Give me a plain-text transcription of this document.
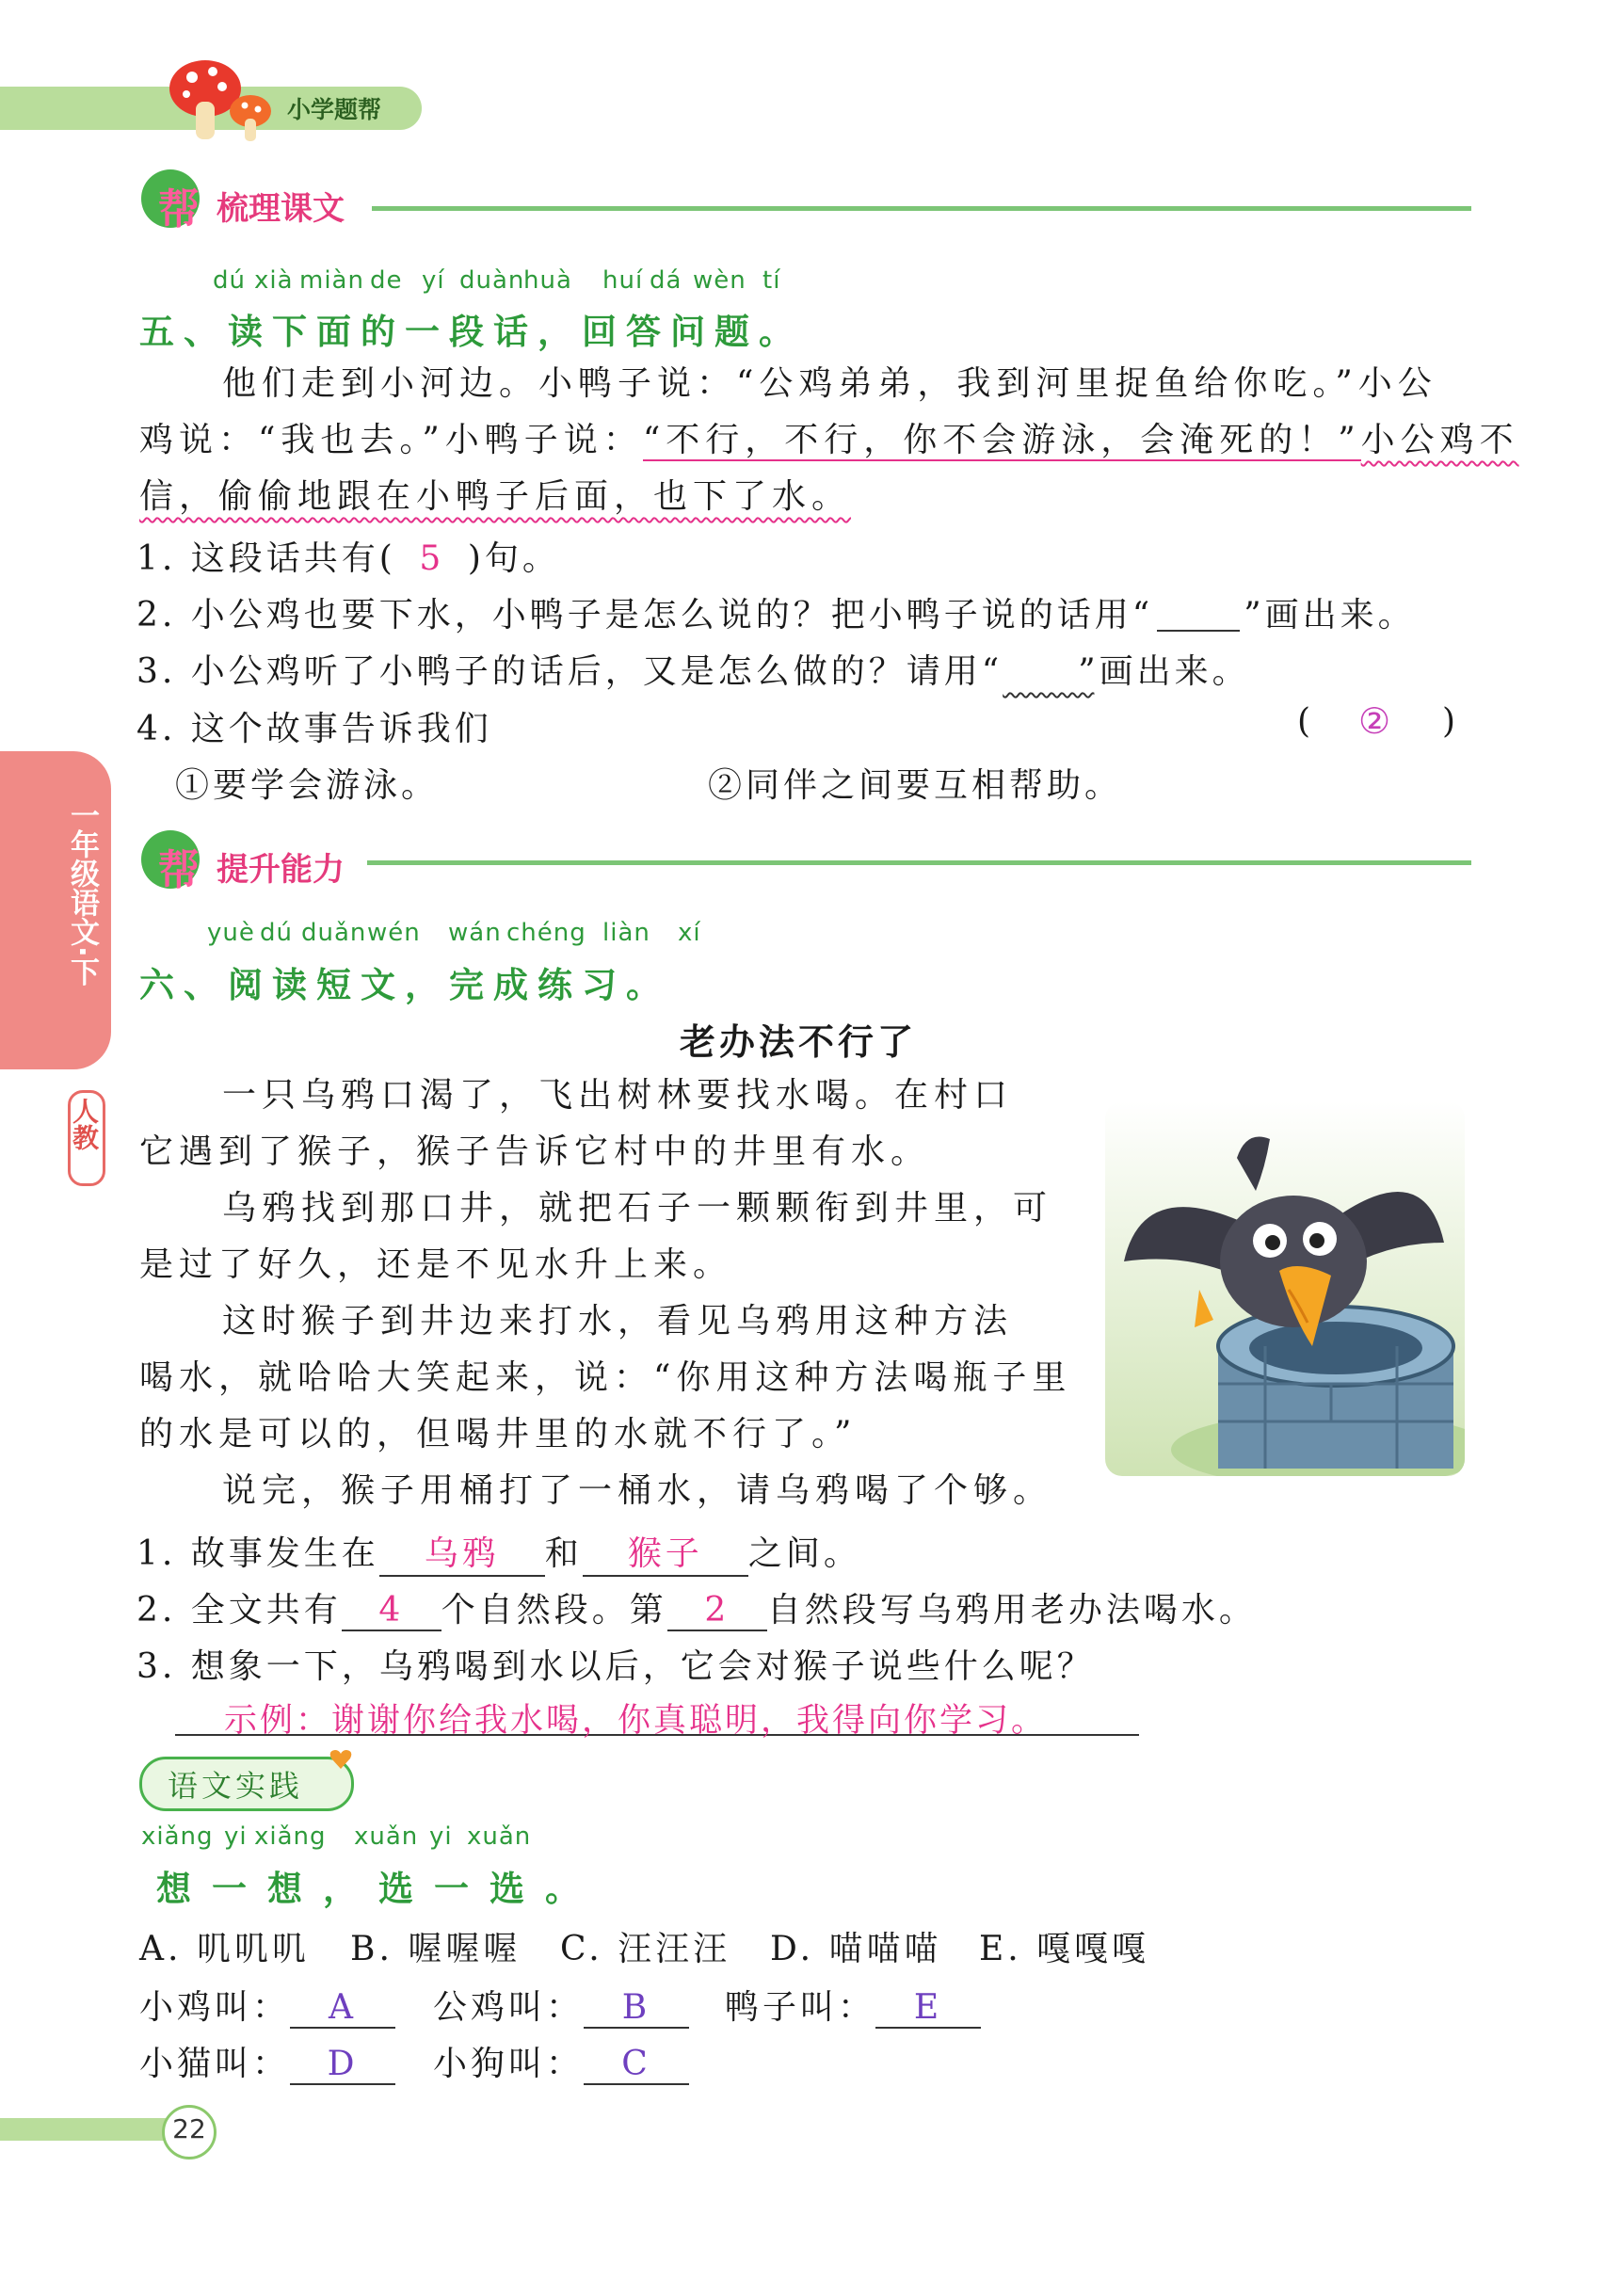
小学题帮
帮 梳理课文
dú xià miàn de yí duàn
huà huí dá wèn tí
五、读下面的一段话，回答问题。
他们走到小河边。小鸭子说：“公鸡弟弟，我到河里捉鱼给你吃。”小公
鸡说：“我也去。”小鸭子说：“不行，不行，你不会游泳，会淹死的！”小公鸡不
信，偷偷地跟在小鸭子后面，也下了水。
1. 这段话共有( 5 )句。
2. 小公鸡也要下水，小鸭子是怎么说的？把小鸭子说的话用“	”画出来。
3. 小公鸡听了小鸭子的话后，又是怎么做的？请用“ ”画出来。
4. 这个故事告诉我们	( ② )
①要学会游泳。	②同伴之间要互相帮助。
帮 提升能力
一年级语文·下
人教
yuè dú duǎn wén wán chéng liàn xí
六、阅读短文，完成练习。
老办法不行了
一只乌鸦口渴了，飞出树林要找水喝。在村口
它遇到了猴子，猴子告诉它村中的井里有水。
乌鸦找到那口井，就把石子一颗颗衔到井里，可
是过了好久，还是不见水升上来。
这时猴子到井边来打水，看见乌鸦用这种方法
喝水，就哈哈大笑起来，说：“你用这种方法喝瓶子里
的水是可以的，但喝井里的水就不行了。”
说完，猴子用桶打了一桶水，请乌鸦喝了个够。
1. 故事发生在 乌鸦 和 猴子 之间。
2. 全文共有 4 个自然段。第 2 自然段写乌鸦用老办法喝水。
3. 想象一下，乌鸦喝到水以后，它会对猴子说些什么呢？
示例：谢谢你给我水喝，你真聪明，我得向你学习。
语文实践
xiǎng yi xiǎng xuǎn yi xuǎn
想一想，选一选。
A. 叽叽叽 B. 喔喔喔 C. 汪汪汪 D. 喵喵喵 E. 嘎嘎嘎
小鸡叫： A	公鸡叫： B	鸭子叫： E
小猫叫： D	小狗叫： C
22
